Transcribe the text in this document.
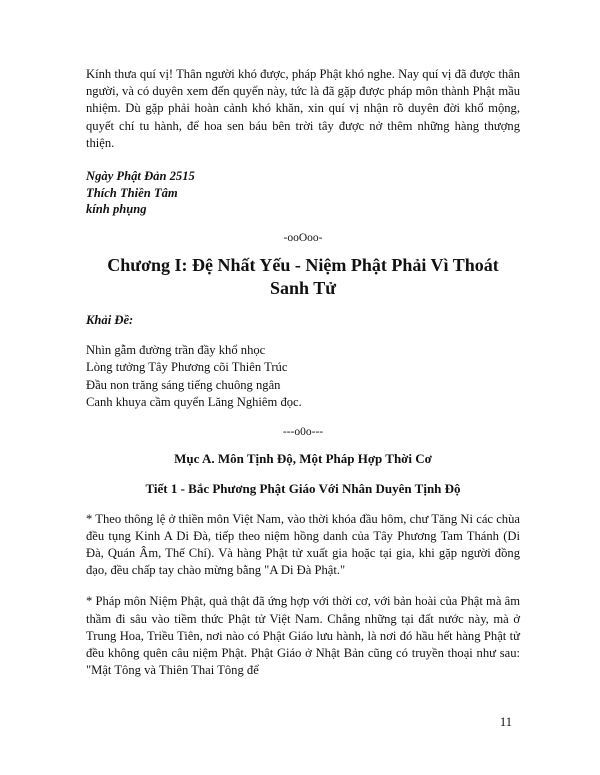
Kính thưa quí vị! Thân người khó được, pháp Phật khó nghe. Nay quí vị đã được thân người, và có duyên xem đến quyển này, tức là đã gặp được pháp môn thành Phật mầu nhiệm. Dù gặp phải hoàn cảnh khó khăn, xin quí vị nhận rõ duyên đời khổ mộng, quyết chí tu hành, để hoa sen báu bên trời tây được nở thêm những hàng thượng thiện.

Ngày Phật Đản 2515
Thích Thiền Tâm
kính phụng
-ooOoo-
Chương I: Đệ Nhất Yếu - Niệm Phật Phải Vì Thoát
Sanh Tử
Khải Đề:
Nhìn gẫm đường trần đầy khổ nhọc
Lòng tưởng Tây Phương cõi Thiên Trúc
Đầu non trăng sáng tiếng chuông ngân
Canh khuya cầm quyển Lăng Nghiêm đọc.
---o0o---
Mục A. Môn Tịnh Độ, Một Pháp Hợp Thời Cơ
Tiết 1 - Bắc Phương Phật Giáo Với Nhân Duyên Tịnh Độ

* Theo thông lệ ở thiền môn Việt Nam, vào thời khóa đầu hôm, chư Tăng Ni các chùa đều tụng Kinh A Di Đà, tiếp theo niệm hồng danh của Tây Phương Tam Thánh (Di Đà, Quán Âm, Thế Chí). Và hàng Phật tử xuất gia hoặc tại gia, khi gặp người đồng đạo, đều chấp tay chào mừng bằng "A Di Đà Phật."

* Pháp môn Niệm Phật, quả thật đã ứng hợp với thời cơ, với bản hoài của Phật mà âm thầm đi sâu vào tiềm thức Phật tử Việt Nam. Chẳng những tại đất nước này, mà ở Trung Hoa, Triều Tiên, nơi nào có Phật Giáo lưu hành, là nơi đó hầu hết hàng Phật tử đều không quên câu niệm Phật. Phật Giáo ở Nhật Bản cũng có truyền thoại như sau: "Mật Tông và Thiên Thai Tông để

11
